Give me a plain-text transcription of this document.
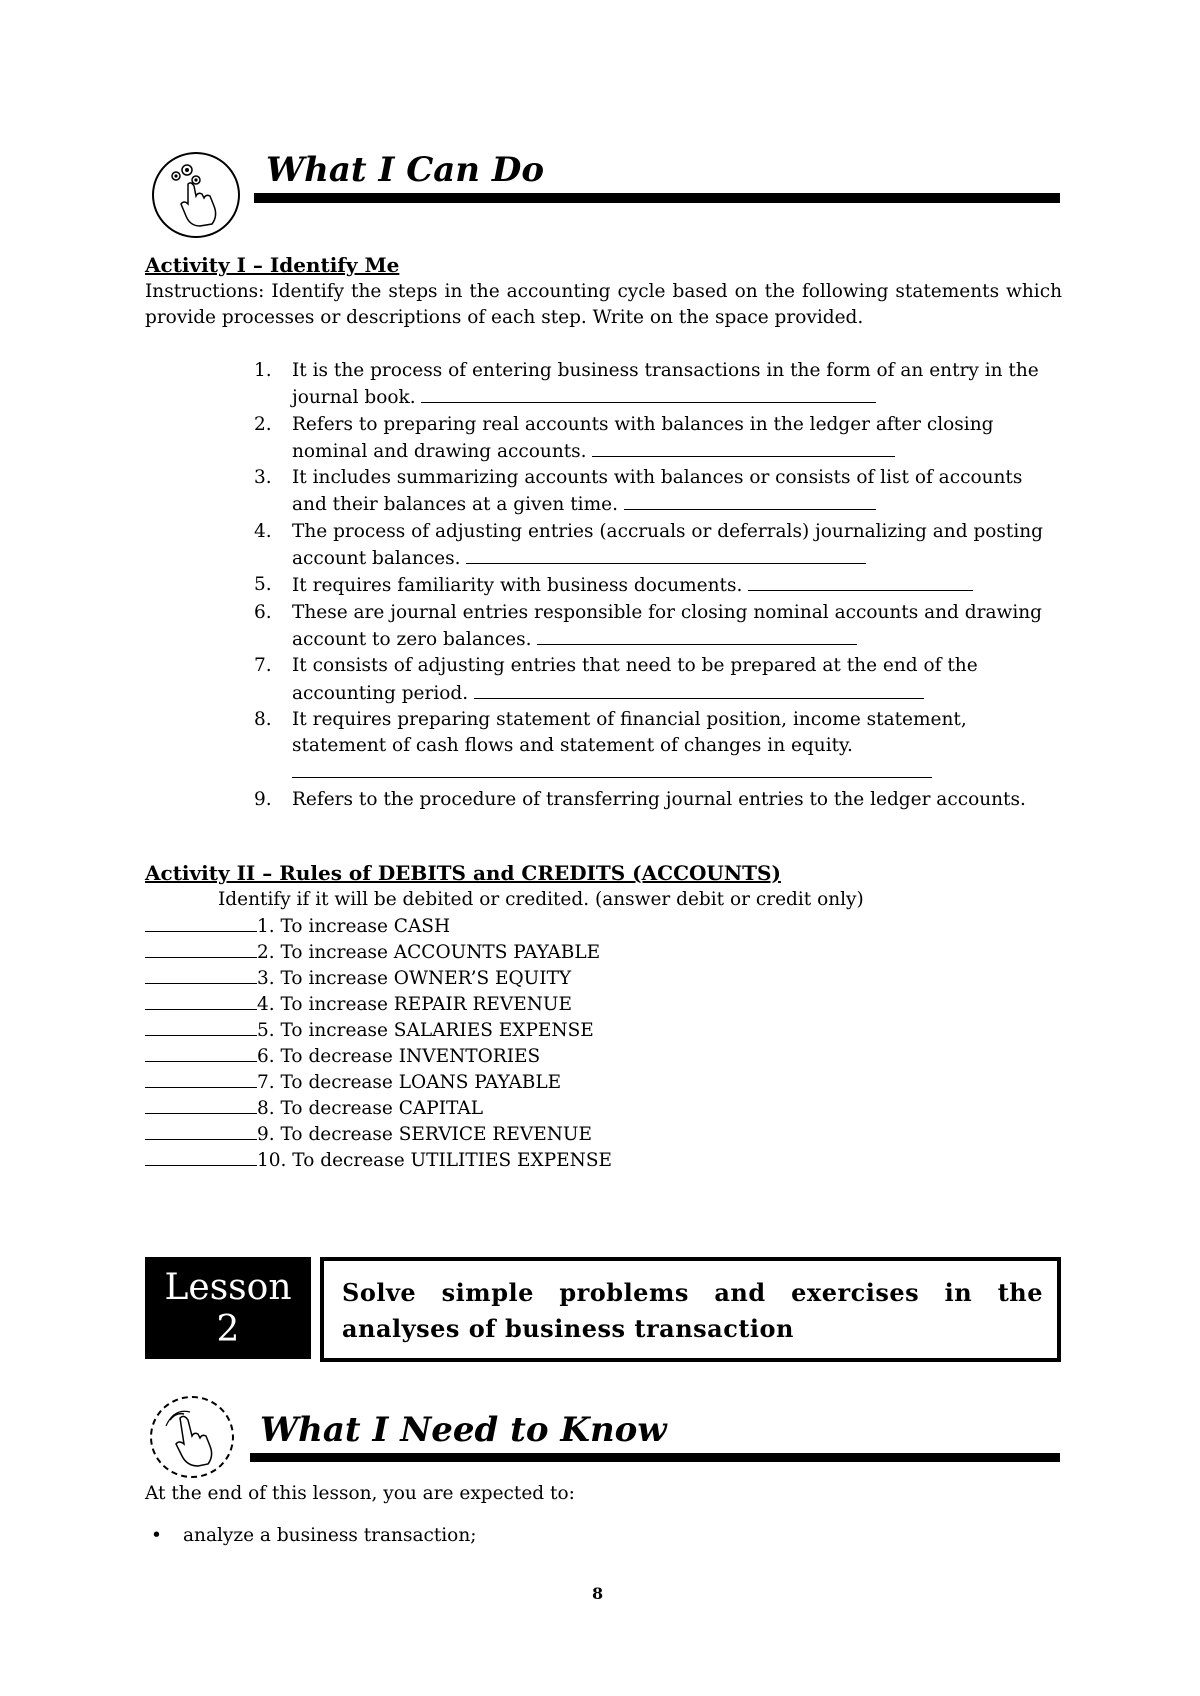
What I Can Do
Activity I – Identify Me
Instructions: Identify the steps in the accounting cycle based on the following statements which provide processes or descriptions of each step. Write on the space provided.
1. It is the process of entering business transactions in the form of an entry in the journal book.
2. Refers to preparing real accounts with balances in the ledger after closing nominal and drawing accounts.
3. It includes summarizing accounts with balances or consists of list of accounts and their balances at a given time.
4. The process of adjusting entries (accruals or deferrals) journalizing and posting account balances.
5. It requires familiarity with business documents.
6. These are journal entries responsible for closing nominal accounts and drawing account to zero balances.
7. It consists of adjusting entries that need to be prepared at the end of the accounting period.
8. It requires preparing statement of financial position, income statement, statement of cash flows and statement of changes in equity.
9. Refers to the procedure of transferring journal entries to the ledger accounts.
Activity II – Rules of DEBITS and CREDITS (ACCOUNTS)
Identify if it will be debited or credited. (answer debit or credit only)
1. To increase CASH
2. To increase ACCOUNTS PAYABLE
3. To increase OWNER’S EQUITY
4. To increase REPAIR REVENUE
5. To increase SALARIES EXPENSE
6. To decrease INVENTORIES
7. To decrease LOANS PAYABLE
8. To decrease CAPITAL
9. To decrease SERVICE REVENUE
10. To decrease UTILITIES EXPENSE
Lesson
2
Solve simple problems and exercises in the analyses of business transaction
What I Need to Know
At the end of this lesson, you are expected to:
• analyze a business transaction;
8
